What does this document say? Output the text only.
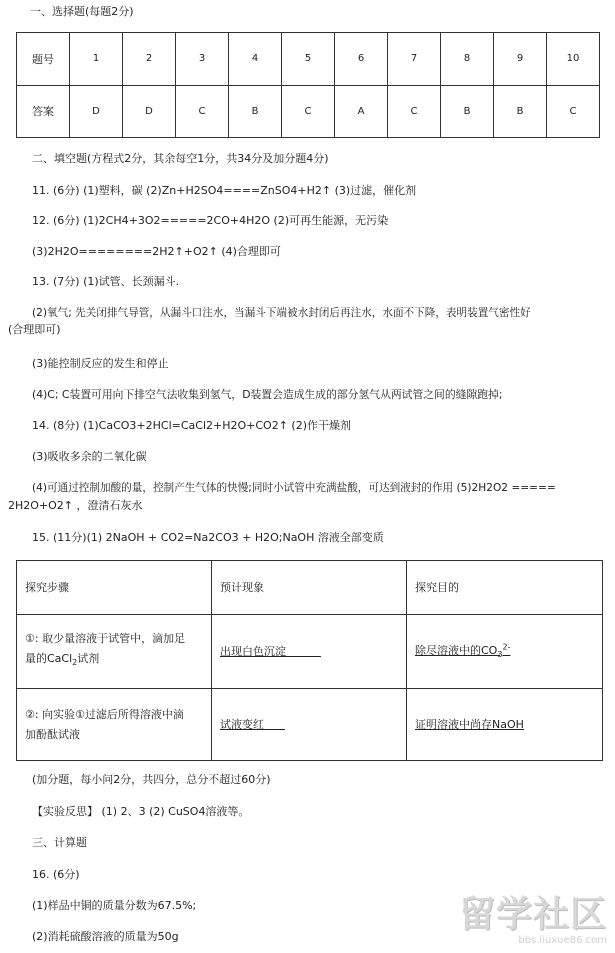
一、选择题(每题2分)
题号	1	2	3	4	5	6	7	8	9	10
答案	D	D	C	B	C	A	C	B	B	C
二、填空题(方程式2分，其余每空1分，共34分及加分题4分)
11. (6分) (1)塑料，碳 (2)Zn+H2SO4====ZnSO4+H2↑ (3)过滤，催化剂
12. (6分) (1)2CH4+3O2=====2CO+4H2O (2)可再生能源，无污染
(3)2H2O========2H2↑+O2↑ (4)合理即可
13. (7分) (1)试管、长颈漏斗.
(2)氧气; 先关闭排气导管，从漏斗口注水，当漏斗下端被水封闭后再注水，水面不下降，表明装置气密性好
(合理即可)
(3)能控制反应的发生和停止
(4)C; C装置可用向下排空气法收集到氢气，D装置会造成生成的部分氢气从两试管之间的缝隙跑掉;
14. (8分) (1)CaCO3+2HCl=CaCl2+H2O+CO2↑ (2)作干燥剂
(3)吸收多余的二氧化碳
(4)可通过控制加酸的量，控制产生气体的快慢;同时小试管中充满盐酸，可达到液封的作用 (5)2H2O2 =====
2H2O+O2↑ ，澄清石灰水
15. (11分)(1) 2NaOH + CO2=Na2CO3 + H2O;NaOH 溶液全部变质
探究步骤	预计现象	探究目的
①: 取少量溶液于试管中，滴加足
量的CaCl$_2$试剂	出现白色沉淀	除尽溶液中的$CO_3^{2-}$
②: 向实验①过滤后所得溶液中滴
加酚酞试液	试液变红	证明溶液中尚存NaOH
(加分题，每小问2分，共四分，总分不超过60分)
【实验反思】 (1) 2、3 (2) CuSO4溶液等。
三、计算题
16. (6分)
(1)样品中铜的质量分数为67.5%;
(2)消耗硫酸溶液的质量为50g
留学社区
bbs.liuxue86.com
